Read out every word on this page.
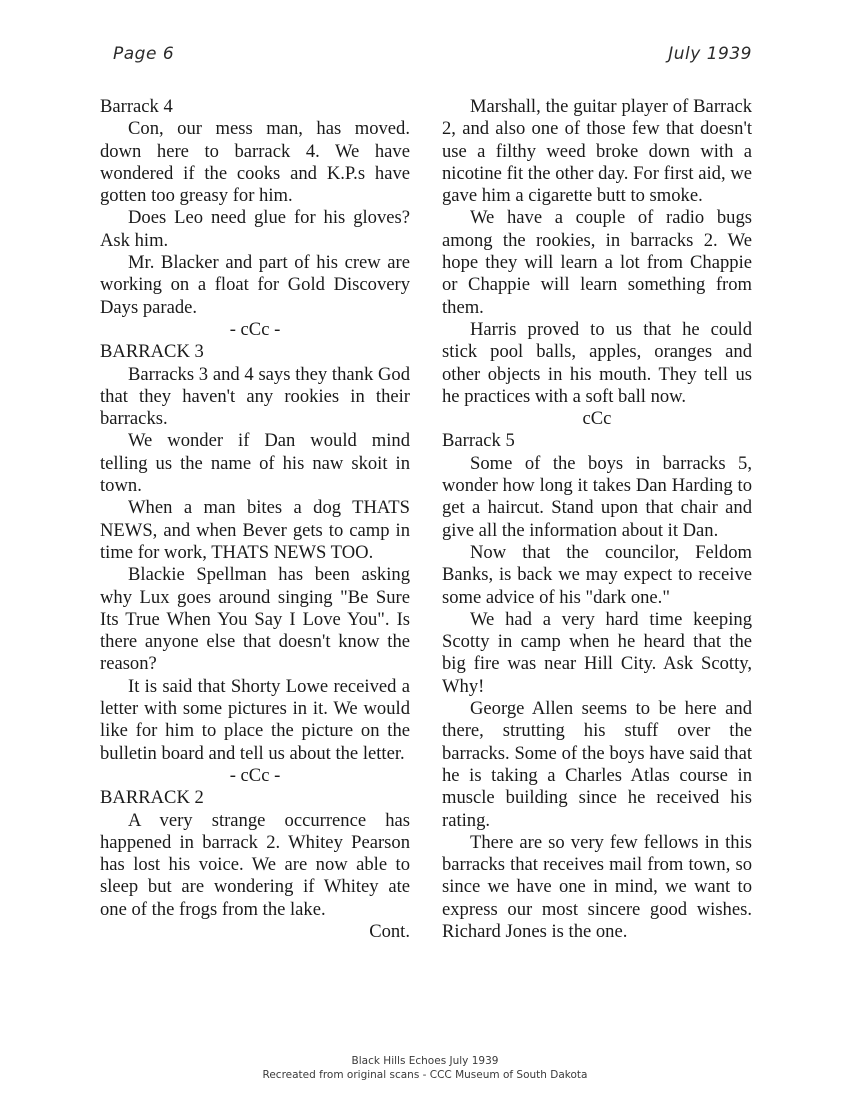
Page 6	July 1939

Barrack 4

Con, our mess man, has moved. down here to barrack 4. We have wondered if the cooks and K.P.s have gotten too greasy for him.

Does Leo need glue for his gloves? Ask him.

Mr. Blacker and part of his crew are working on a float for Gold Discovery Days parade.

- cCc -

BARRACK 3

Barracks 3 and 4 says they thank God that they haven't any rookies in their barracks.

We wonder if Dan would mind telling us the name of his naw skoit in town.

When a man bites a dog THATS NEWS, and when Bever gets to camp in time for work, THATS NEWS TOO.

Blackie Spellman has been asking why Lux goes around singing "Be Sure Its True When You Say I Love You". Is there anyone else that doesn't know the reason?

It is said that Shorty Lowe received a letter with some pictures in it. We would like for him to place the picture on the bulletin board and tell us about the letter.

- cCc -

BARRACK 2

A very strange occurrence has happened in barrack 2. Whitey Pearson has lost his voice. We are now able to sleep but are wondering if Whitey ate one of the frogs from the lake.

Cont.

Marshall, the guitar player of Barrack 2, and also one of those few that doesn't use a filthy weed broke down with a nicotine fit the other day. For first aid, we gave him a cigarette butt to smoke.

We have a couple of radio bugs among the rookies, in barracks 2. We hope they will learn a lot from Chappie or Chappie will learn something from them.

Harris proved to us that he could stick pool balls, apples, oranges and other objects in his mouth. They tell us he practices with a soft ball now.

cCc

Barrack 5

Some of the boys in barracks 5, wonder how long it takes Dan Harding to get a haircut. Stand upon that chair and give all the information about it Dan.

Now that the councilor, Feldom Banks, is back we may expect to receive some advice of his "dark one."

We had a very hard time keeping Scotty in camp when he heard that the big fire was near Hill City. Ask Scotty, Why!

George Allen seems to be here and there, strutting his stuff over the barracks. Some of the boys have said that he is taking a Charles Atlas course in muscle building since he received his rating.

There are so very few fellows in this barracks that receives mail from town, so since we have one in mind, we want to express our most sincere good wishes. Richard Jones is the one.

Black Hills Echoes July 1939
Recreated from original scans - CCC Museum of South Dakota
